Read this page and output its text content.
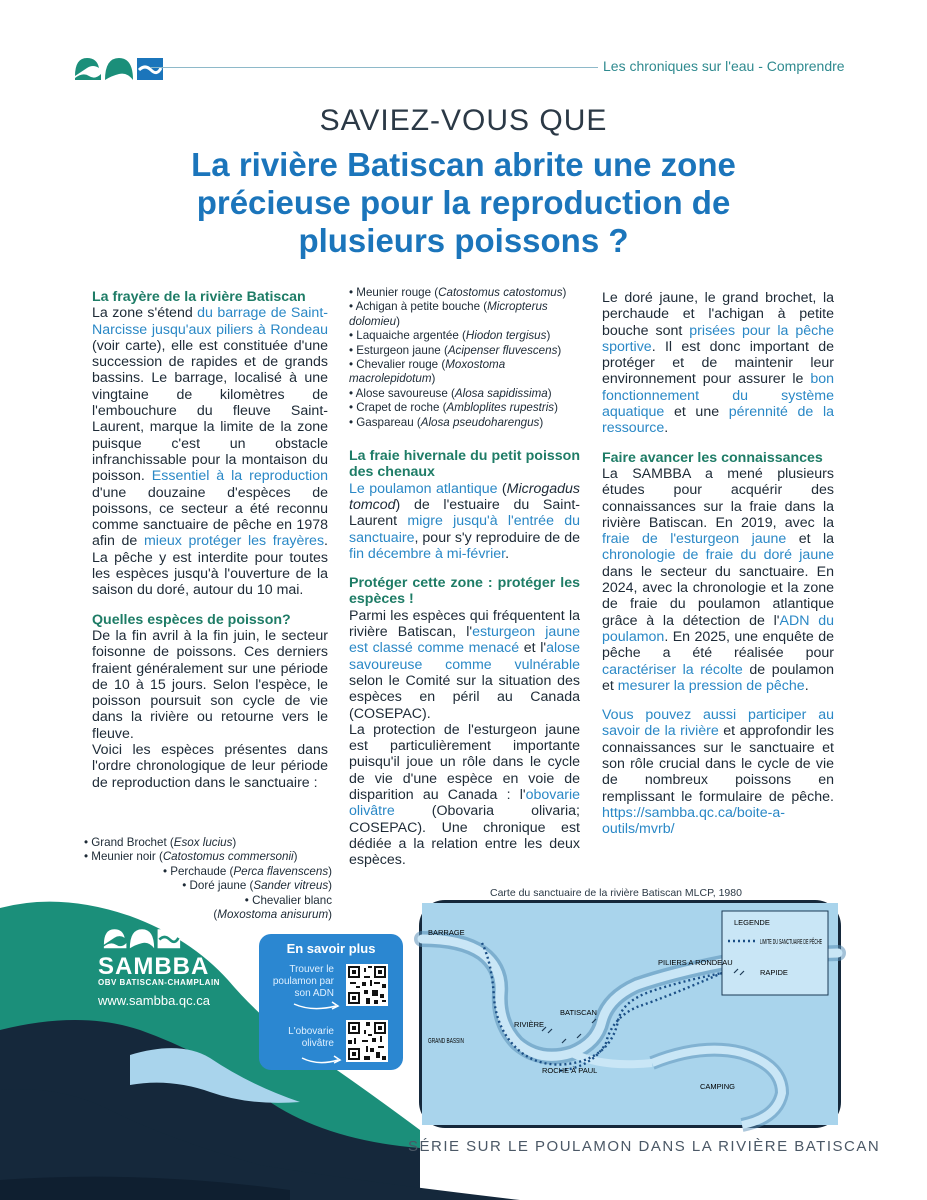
Les chroniques sur l'eau - Comprendre
SAVIEZ-VOUS QUE
La rivière Batiscan abrite une zone précieuse pour la reproduction de plusieurs poissons ?

La frayère de la rivière Batiscan

La zone s'étend du barrage de Saint-Narcisse jusqu'aux piliers à Rondeau (voir carte), elle est constituée d'une succession de rapides et de grands bassins. Le barrage, localisé à une vingtaine de kilomètres de l'embouchure du fleuve Saint-Laurent, marque la limite de la zone puisque c'est un obstacle infranchissable pour la montaison du poisson. Essentiel à la reproduction d'une douzaine d'espèces de poissons, ce secteur a été reconnu comme sanctuaire de pêche en 1978 afin de mieux protéger les frayères. La pêche y est interdite pour toutes les espèces jusqu'à l'ouverture de la saison du doré, autour du 10 mai.

Quelles espèces de poisson?

De la fin avril à la fin juin, le secteur foisonne de poissons. Ces derniers fraient généralement sur une période de 10 à 15 jours. Selon l'espèce, le poisson poursuit son cycle de vie dans la rivière ou retourne vers le fleuve.

Voici les espèces présentes dans l'ordre chronologique de leur période de reproduction dans le sanctuaire :

• Grand Brochet (Esox lucius)
• Meunier noir (Catostomus commersonii)
• Perchaude (Perca flavenscens)
• Doré jaune (Sander vitreus)
• Chevalier blanc
(Moxostoma anisurum)
• Meunier rouge (Catostomus catostomus)
• Achigan à petite bouche (Micropterus dolomieu)
• Laquaiche argentée (Hiodon tergisus)
• Esturgeon jaune (Acipenser fluvescens)
• Chevalier rouge (Moxostoma macrolepidotum)
• Alose savoureuse (Alosa sapidissima)
• Crapet de roche (Ambloplites rupestris)
• Gaspareau (Alosa pseudoharengus)

La fraie hivernale du petit poisson des chenaux

Le poulamon atlantique (Microgadus tomcod) de l'estuaire du Saint-Laurent migre jusqu'à l'entrée du sanctuaire, pour s'y reproduire de de fin décembre à mi-février.

Protéger cette zone : protéger les espèces !

Parmi les espèces qui fréquentent la rivière Batiscan, l'esturgeon jaune est classé comme menacé et l'alose savoureuse comme vulnérable selon le Comité sur la situation des espèces en péril au Canada (COSEPAC).

La protection de l'esturgeon jaune est particulièrement importante puisqu'il joue un rôle dans le cycle de vie d'une espèce en voie de disparition au Canada : l'obovarie olivâtre (Obovaria olivaria; COSEPAC). Une chronique est dédiée a la relation entre les deux espèces.

Le doré jaune, le grand brochet, la perchaude et l'achigan à petite bouche sont prisées pour la pêche sportive. Il est donc important de protéger et de maintenir leur environnement pour assurer le bon fonctionnement du système aquatique et une pérennité de la ressource.

Faire avancer les connaissances

La SAMBBA a mené plusieurs études pour acquérir des connaissances sur la fraie dans la rivière Batiscan. En 2019, avec la fraie de l'esturgeon jaune et la chronologie de fraie du doré jaune dans le secteur du sanctuaire. En 2024, avec la chronologie et la zone de fraie du poulamon atlantique grâce à la détection de l'ADN du poulamon. En 2025, une enquête de pêche a été réalisée pour caractériser la récolte de poulamon et mesurer la pression de pêche.

Vous pouvez aussi participer au savoir de la rivière et approfondir les connaissances sur le sanctuaire et son rôle crucial dans le cycle de vie de nombreux poissons en remplissant le formulaire de pêche. https://sambba.qc.ca/boite-a-outils/mvrb/

SAMBBA
OBV BATISCAN-CHAMPLAIN
www.sambba.qc.ca
En savoir plus
Trouver le poulamon par son ADN
L'obovarie olivâtre
Carte du sanctuaire de la rivière Batiscan MLCP, 1980
LEGENDE
LIMITE DU SANCTUAIRE DE PÊCHE
RAPIDE
BARRAGE
PILIERS A RONDEAU
RIVIÈRE
BATISCAN
GRAND BASSIN
ROCHE À PAUL
CAMPING
SÉRIE SUR LE POULAMON DANS LA RIVIÈRE BATISCAN
